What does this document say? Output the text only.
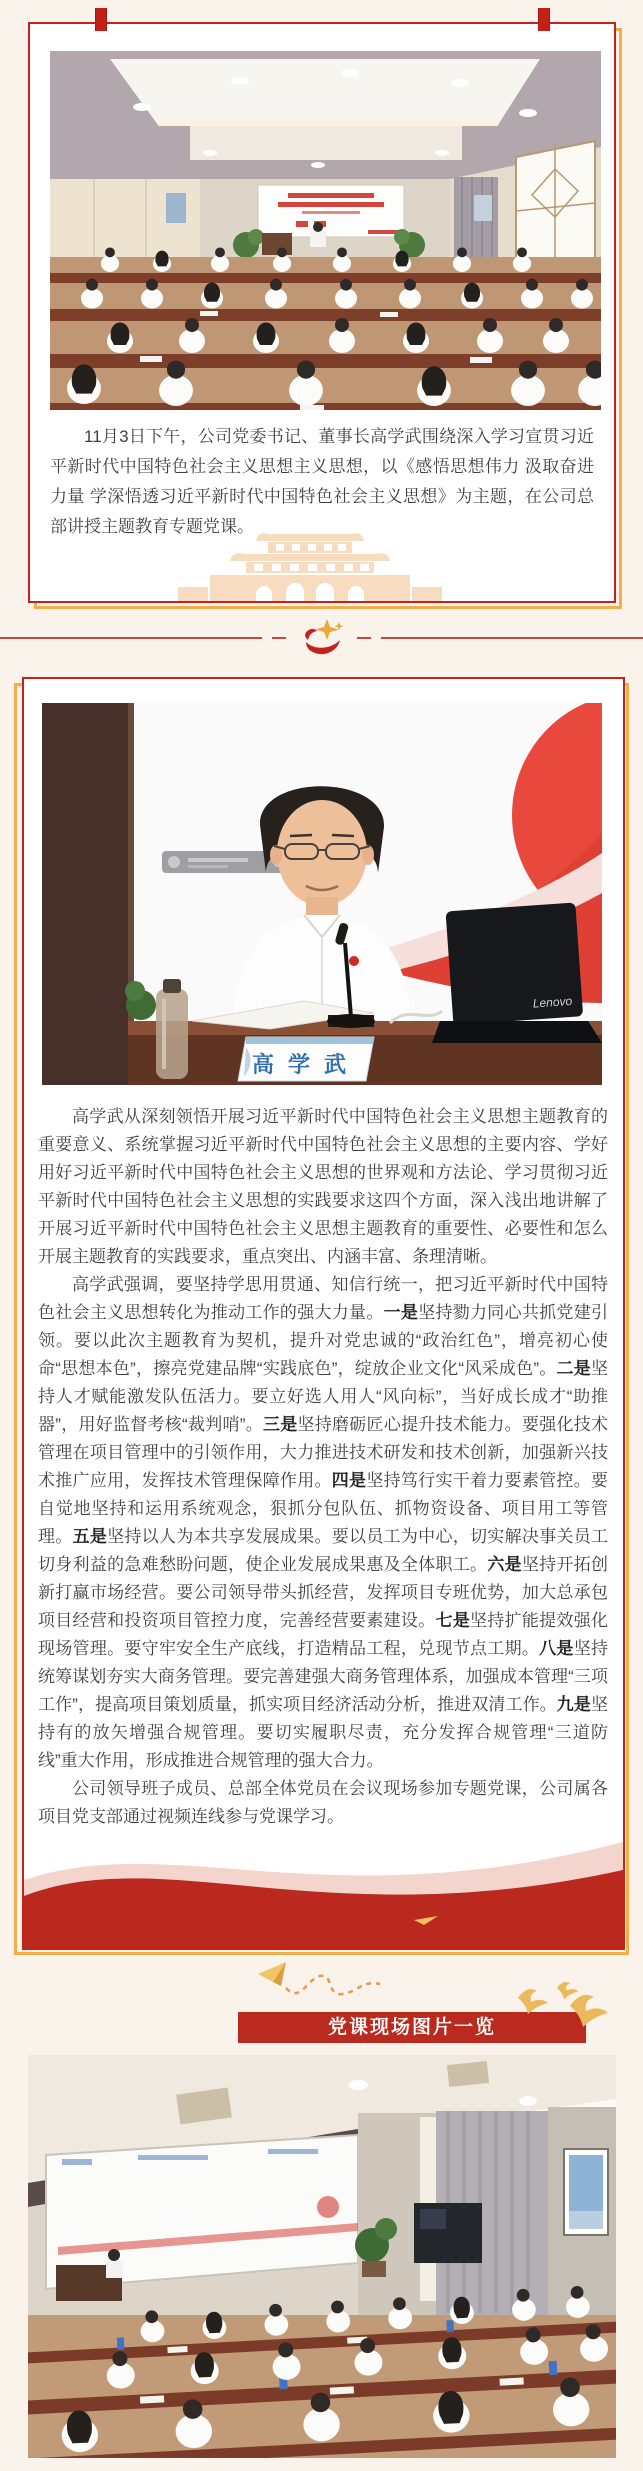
11月3日下午，公司党委书记、董事长高学武围绕深入学习宣贯习近平新时代中国特色社会主义思想主义思想，以《感悟思想伟力 汲取奋进力量 学深悟透习近平新时代中国特色社会主义思想》为主题，在公司总部讲授主题教育专题党课。

高学武
Lenovo

高学武从深刻领悟开展习近平新时代中国特色社会主义思想主题教育的重要意义、系统掌握习近平新时代中国特色社会主义思想的主要内容、学好用好习近平新时代中国特色社会主义思想的世界观和方法论、学习贯彻习近平新时代中国特色社会主义思想的实践要求这四个方面，深入浅出地讲解了开展习近平新时代中国特色社会主义思想主题教育的重要性、必要性和怎么开展主题教育的实践要求，重点突出、内涵丰富、条理清晰。

高学武强调，要坚持学思用贯通、知信行统一，把习近平新时代中国特色社会主义思想转化为推动工作的强大力量。一是坚持勠力同心共抓党建引领。要以此次主题教育为契机，提升对党忠诚的“政治红色”，增亮初心使命“思想本色”，擦亮党建品牌“实践底色”，绽放企业文化“风采成色”。二是坚持人才赋能激发队伍活力。要立好选人用人“风向标”，当好成长成才“助推器”，用好监督考核“裁判哨”。三是坚持磨砺匠心提升技术能力。要强化技术管理在项目管理中的引领作用，大力推进技术研发和技术创新，加强新兴技术推广应用，发挥技术管理保障作用。四是坚持笃行实干着力要素管控。要自觉地坚持和运用系统观念，狠抓分包队伍、抓物资设备、项目用工等管理。五是坚持以人为本共享发展成果。要以员工为中心，切实解决事关员工切身利益的急难愁盼问题，使企业发展成果惠及全体职工。六是坚持开拓创新打赢市场经营。要公司领导带头抓经营，发挥项目专班优势，加大总承包项目经营和投资项目管控力度，完善经营要素建设。七是坚持扩能提效强化现场管理。要守牢安全生产底线，打造精品工程，兑现节点工期。八是坚持统筹谋划夯实大商务管理。要完善建强大商务管理体系，加强成本管理“三项工作”，提高项目策划质量，抓实项目经济活动分析，推进双清工作。九是坚持有的放矢增强合规管理。要切实履职尽责，充分发挥合规管理“三道防线”重大作用，形成推进合规管理的强大合力。

公司领导班子成员、总部全体党员在会议现场参加专题党课，公司属各项目党支部通过视频连线参与党课学习。

党课现场图片一览
